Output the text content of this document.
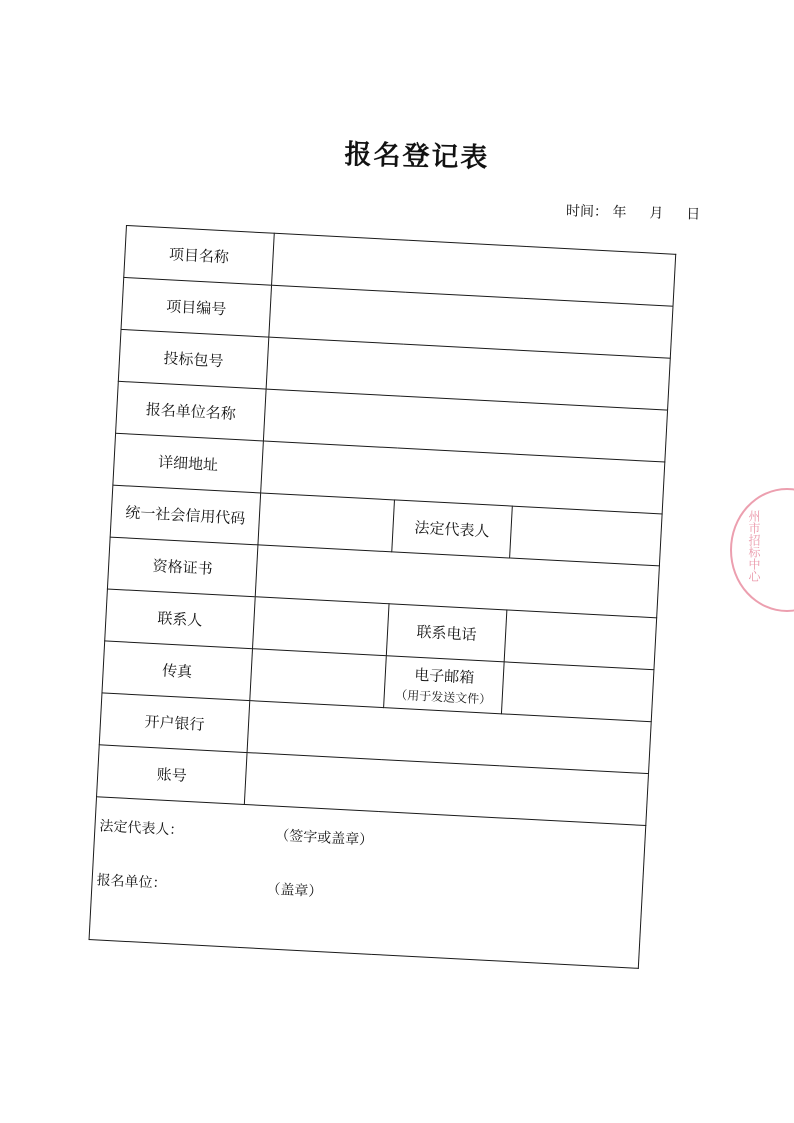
报名登记表
时间： 年 月 日
项目名称			
项目编号			
投标包号			
报名单位名称			
详细地址			
统一社会信用代码		法定代表人	
资格证书			
联系人		联系电话	
传真		电子邮箱
（用于发送文件）	

开户银行			
账号			

法定代表人： （签字或盖章）
报名单位： （盖章）			
州市招标中心
